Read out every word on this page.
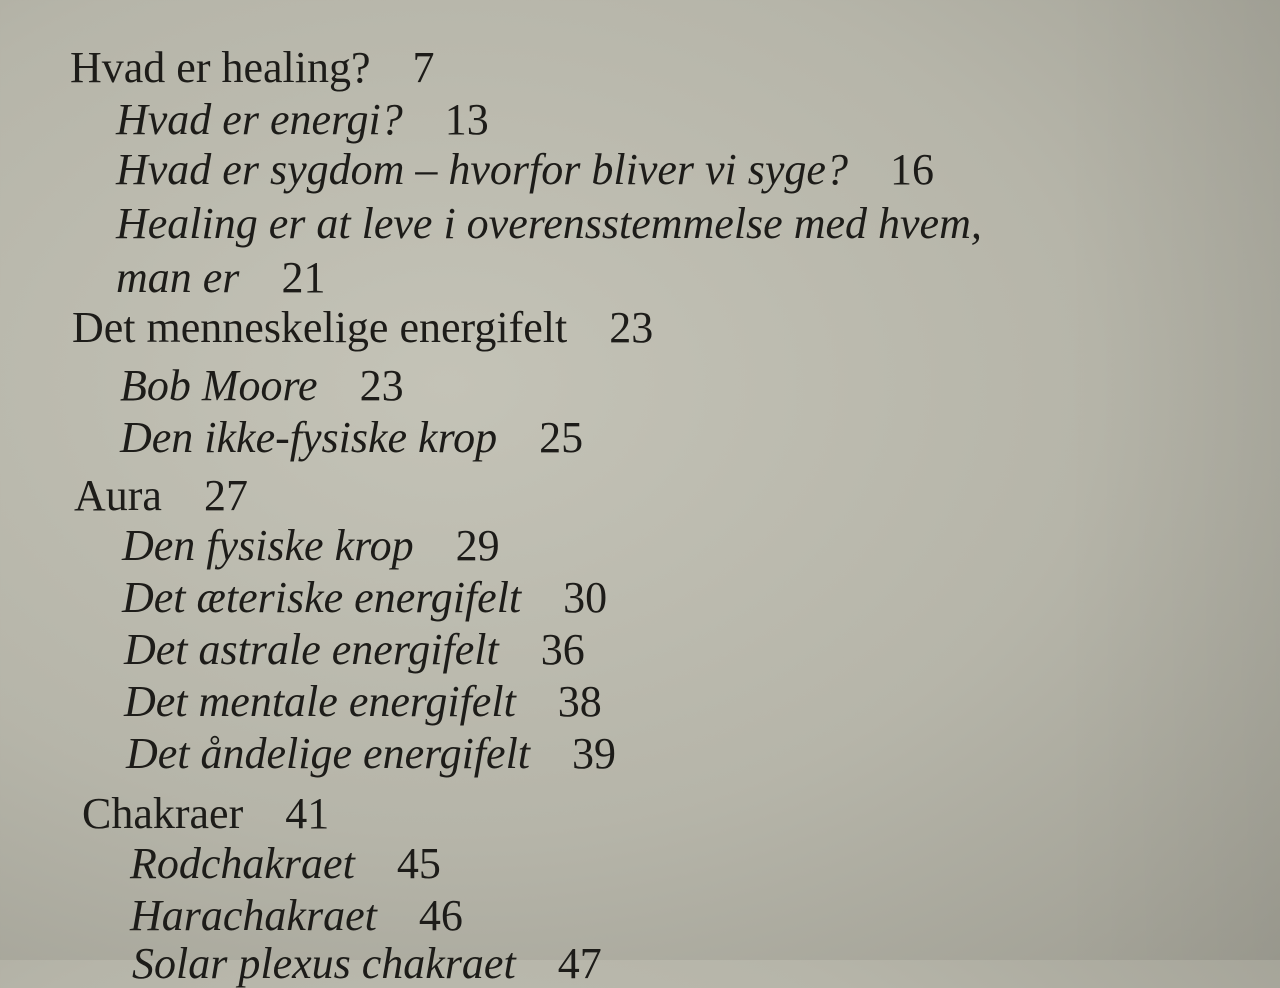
Hvad er healing? 7
Hvad er energi? 13
Hvad er sygdom – hvorfor bliver vi syge? 16
Healing er at leve i overensstemmelse med hvem,
man er 21
Det menneskelige energifelt 23
Bob Moore 23
Den ikke-fysiske krop 25
Aura 27
Den fysiske krop 29
Det æteriske energifelt 30
Det astrale energifelt 36
Det mentale energifelt 38
Det åndelige energifelt 39
Chakraer 41
Rodchakraet 45
Harachakraet 46
Solar plexus chakraet 47
